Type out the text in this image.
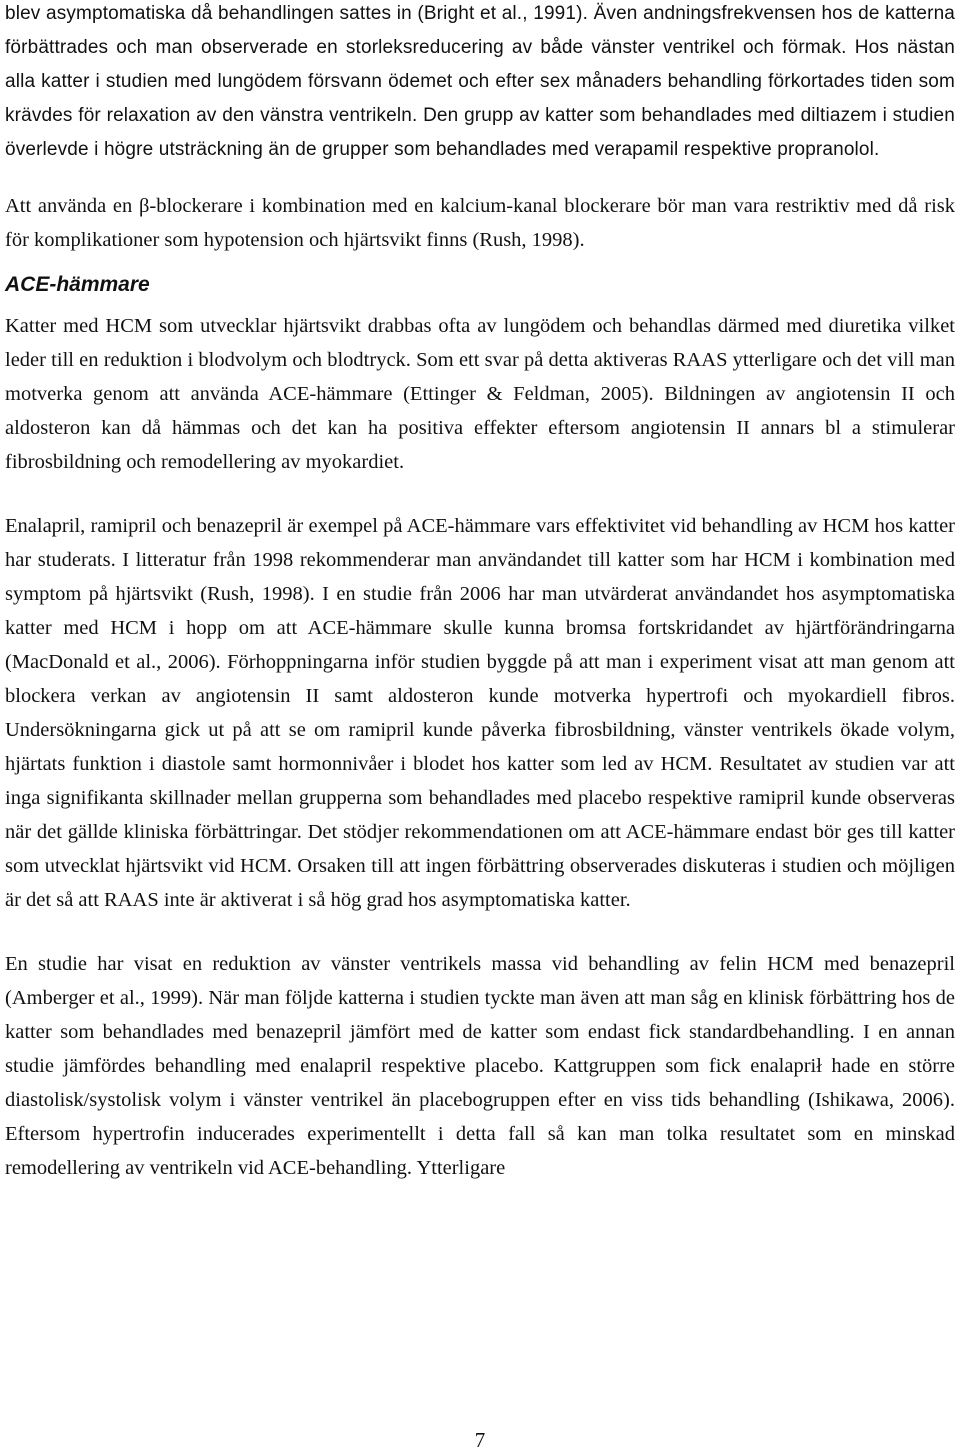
blev asymptomatiska då behandlingen sattes in (Bright et al., 1991). Även andningsfrekvensen hos de katterna förbättrades och man observerade en storleksreducering av både vänster ventrikel och förmak. Hos nästan alla katter i studien med lungödem försvann ödemet och efter sex månaders behandling förkortades tiden som krävdes för relaxation av den vänstra ventrikeln. Den grupp av katter som behandlades med diltiazem i studien överlevde i högre utsträckning än de grupper som behandlades med verapamil respektive propranolol.

Att använda en β-blockerare i kombination med en kalcium-kanal blockerare bör man vara restriktiv med då risk för komplikationer som hypotension och hjärtsvikt finns (Rush, 1998).

ACE-hämmare

Katter med HCM som utvecklar hjärtsvikt drabbas ofta av lungödem och behandlas därmed med diuretika vilket leder till en reduktion i blodvolym och blodtryck. Som ett svar på detta aktiveras RAAS ytterligare och det vill man motverka genom att använda ACE-hämmare (Ettinger & Feldman, 2005). Bildningen av angiotensin II och aldosteron kan då hämmas och det kan ha positiva effekter eftersom angiotensin II annars bl a stimulerar fibrosbildning och remodellering av myokardiet.

Enalapril, ramipril och benazepril är exempel på ACE-hämmare vars effektivitet vid behandling av HCM hos katter har studerats. I litteratur från 1998 rekommenderar man användandet till katter som har HCM i kombination med symptom på hjärtsvikt (Rush, 1998). I en studie från 2006 har man utvärderat användandet hos asymptomatiska katter med HCM i hopp om att ACE-hämmare skulle kunna bromsa fortskridandet av hjärtförändringarna (MacDonald et al., 2006). Förhoppningarna inför studien byggde på att man i experiment visat att man genom att blockera verkan av angiotensin II samt aldosteron kunde motverka hypertrofi och myokardiell fibros. Undersökningarna gick ut på att se om ramipril kunde påverka fibrosbildning, vänster ventrikels ökade volym, hjärtats funktion i diastole samt hormonnivåer i blodet hos katter som led av HCM. Resultatet av studien var att inga signifikanta skillnader mellan grupperna som behandlades med placebo respektive ramipril kunde observeras när det gällde kliniska förbättringar. Det stödjer rekommendationen om att ACE-hämmare endast bör ges till katter som utvecklat hjärtsvikt vid HCM. Orsaken till att ingen förbättring observerades diskuteras i studien och möjligen är det så att RAAS inte är aktiverat i så hög grad hos asymptomatiska katter.

En studie har visat en reduktion av vänster ventrikels massa vid behandling av felin HCM med benazepril (Amberger et al., 1999). När man följde katterna i studien tyckte man även att man såg en klinisk förbättring hos de katter som behandlades med benazepril jämfört med de katter som endast fick standardbehandling. I en annan studie jämfördes behandling med enalapril respektive placebo. Kattgruppen som fick enalaprił hade en större diastolisk/systolisk volym i vänster ventrikel än placebogruppen efter en viss tids behandling (Ishikawa, 2006). Eftersom hypertrofin inducerades experimentellt i detta fall så kan man tolka resultatet som en minskad remodellering av ventrikeln vid ACE-behandling. Ytterligare

7
